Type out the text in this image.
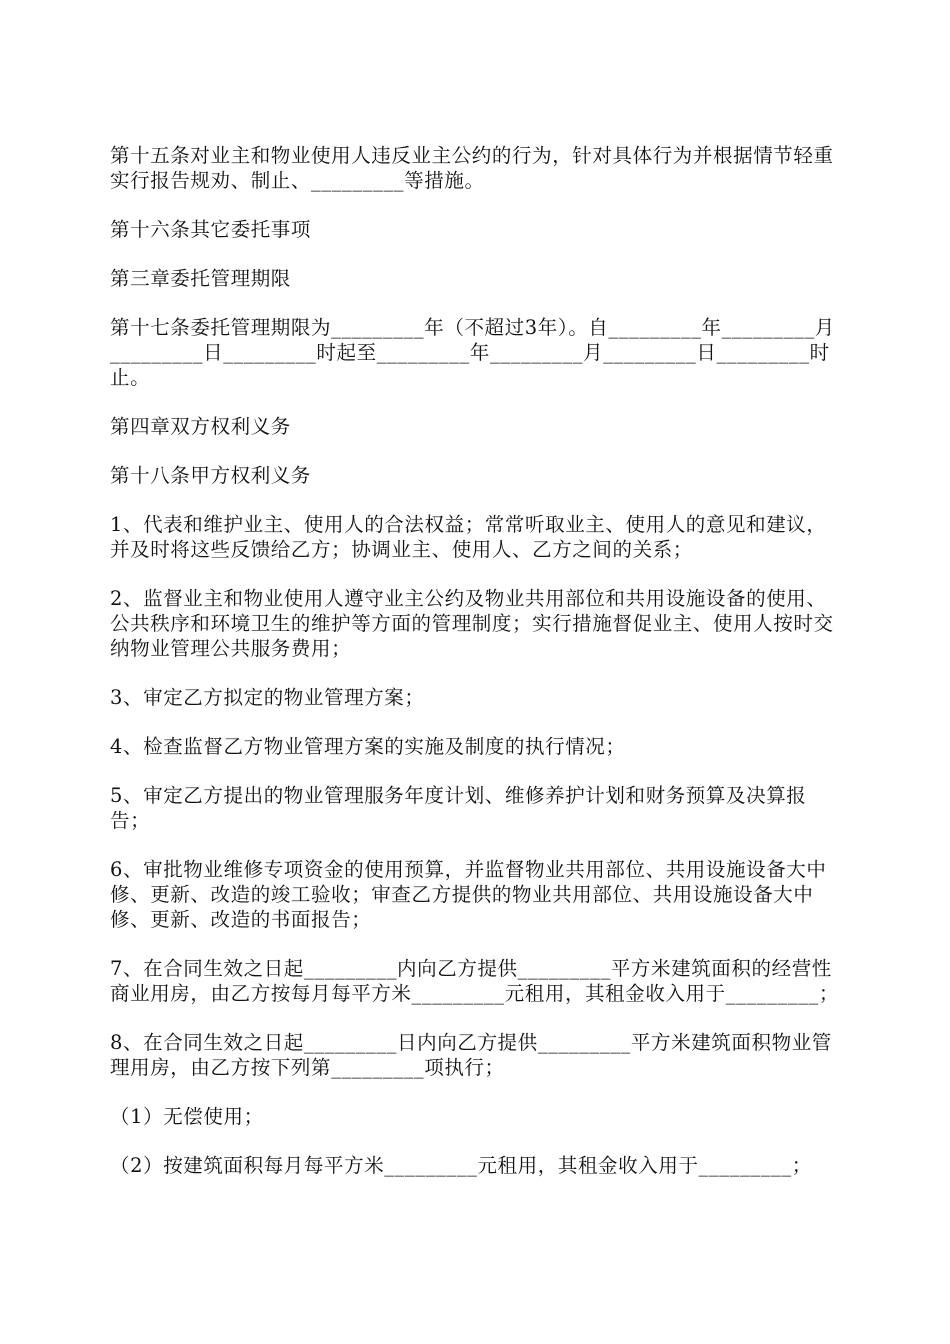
第十五条对业主和物业使用人违反业主公约的行为，针对具体行为并根据情节轻重实行报告规劝、制止、_________等措施。

第十六条其它委托事项

第三章委托管理期限

第十七条委托管理期限为_________年（不超过3年）。自_________年_________月_________日_________时起至_________年_________月_________日_________时止。

第四章双方权利义务

第十八条甲方权利义务

1、代表和维护业主、使用人的合法权益；常常听取业主、使用人的意见和建议，并及时将这些反馈给乙方；协调业主、使用人、乙方之间的关系；

2、监督业主和物业使用人遵守业主公约及物业共用部位和共用设施设备的使用、公共秩序和环境卫生的维护等方面的管理制度；实行措施督促业主、使用人按时交纳物业管理公共服务费用；

3、审定乙方拟定的物业管理方案；

4、检查监督乙方物业管理方案的实施及制度的执行情况；

5、审定乙方提出的物业管理服务年度计划、维修养护计划和财务预算及决算报告；

6、审批物业维修专项资金的使用预算，并监督物业共用部位、共用设施设备大中修、更新、改造的竣工验收；审查乙方提供的物业共用部位、共用设施设备大中修、更新、改造的书面报告；

7、在合同生效之日起_________内向乙方提供_________平方米建筑面积的经营性商业用房，由乙方按每月每平方米_________元租用，其租金收入用于_________；

8、在合同生效之日起_________日内向乙方提供_________平方米建筑面积物业管理用房，由乙方按下列第_________项执行；

（1）无偿使用；

（2）按建筑面积每月每平方米_________元租用，其租金收入用于_________；
